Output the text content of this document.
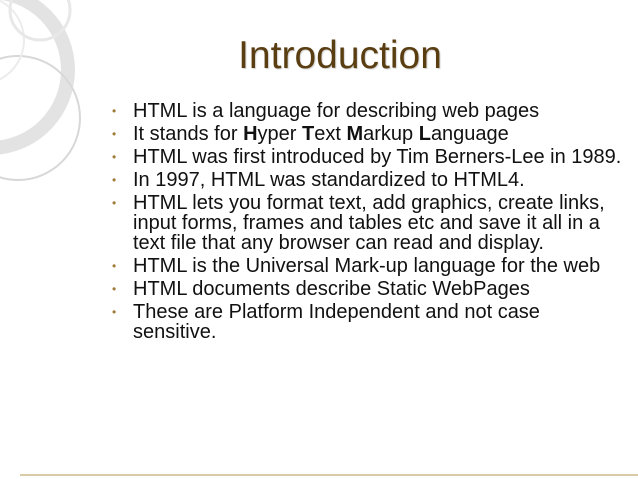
Introduction
• HTML is a language for describing web pages
• It stands for Hyper Text Markup Language
• HTML was first introduced by Tim Berners-Lee in 1989.
• In 1997, HTML was standardized to HTML4.
• HTML lets you format text, add graphics, create links, input forms, frames and tables etc and save it all in a text file that any browser can read and display.
• HTML is the Universal Mark-up language for the web
• HTML documents describe Static WebPages
• These are Platform Independent and not case sensitive.
